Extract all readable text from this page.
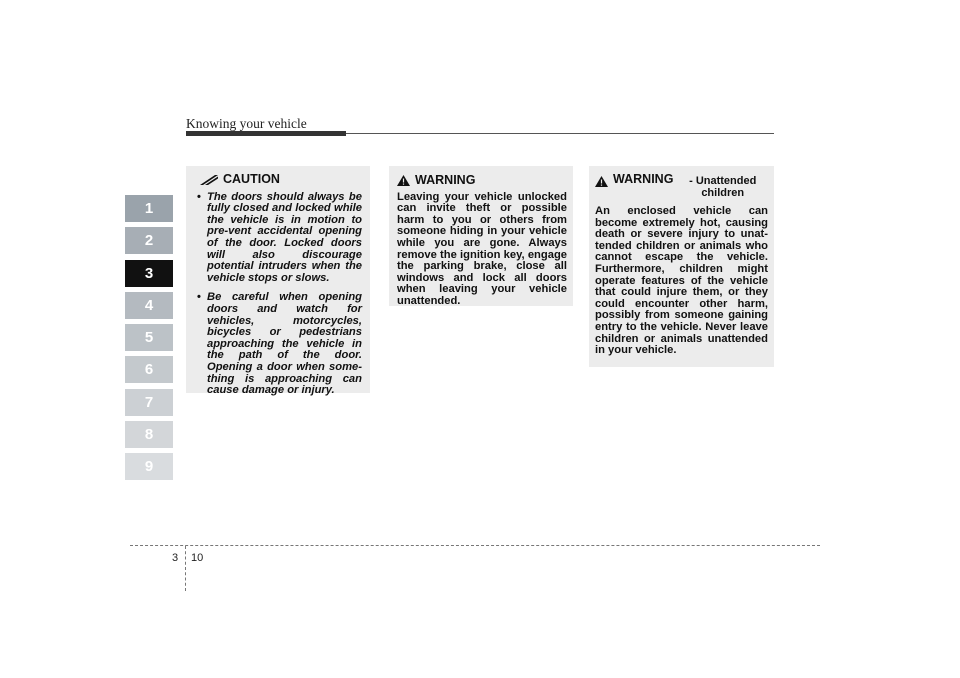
Knowing your vehicle
1
2
3
4
5
6
7
8
9
CAUTION
• The doors should always be fully closed and locked while the vehicle is in motion to pre-vent accidental opening of the door. Locked doors will also discourage potential intruders when the vehicle stops or slows.
• Be careful when opening doors and watch for vehicles, motorcycles, bicycles or pedestrians approaching the vehicle in the path of the door. Opening a door when some-thing is approaching can cause damage or injury.
WARNING

Leaving your vehicle unlocked can invite theft or possible harm to you or others from someone hiding in your vehicle while you are gone. Always remove the ignition key, engage the parking brake, close all windows and lock all doors when leaving your vehicle unattended.

WARNING	- Unattended children

An enclosed vehicle can become extremely hot, causing death or severe injury to unat-tended children or animals who cannot escape the vehicle. Furthermore, children might operate features of the vehicle that could injure them, or they could encounter other harm, possibly from someone gaining entry to the vehicle. Never leave children or animals unattended in your vehicle.

3 10
